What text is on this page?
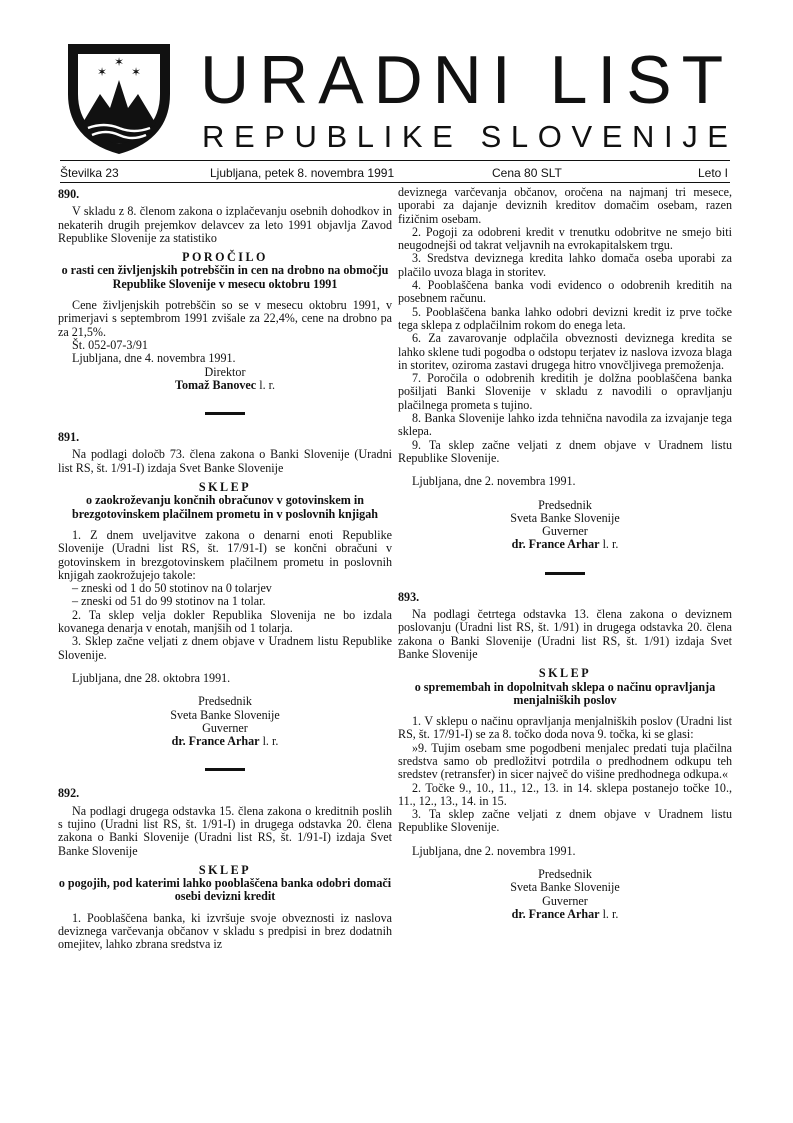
✶ ✶
✶ URADNI LIST
REPUBLIKE SLOVENIJE
Številka 23	Ljubljana, petek 8. novembra 1991	Cena 80 SLT	Leto I

890.

V skladu z 8. členom zakona o izplačevanju osebnih dohodkov in nekaterih drugih prejemkov delavcev za leto 1991 objavlja Zavod Republike Slovenije za statistiko

POROČILO

o rasti cen življenjskih potrebščin in cen na drobno na območju Republike Slovenije v mesecu oktobru 1991

Cene življenjskih potrebščin so se v mesecu oktobru 1991, v primerjavi s septembrom 1991 zvišale za 22,4%, cene na drobno pa za 21,5%.

Št. 052-07-3/91

Ljubljana, dne 4. novembra 1991.

Direktor

Tomaž Banovec l. r.

891.

Na podlagi določb 73. člena zakona o Banki Slovenije (Uradni list RS, št. 1/91-I) izdaja Svet Banke Slovenije

SKLEP

o zaokroževanju končnih obračunov v gotovinskem in brezgotovinskem plačilnem prometu in v poslovnih knjigah

1. Z dnem uveljavitve zakona o denarni enoti Republike Slovenije (Uradni list RS, št. 17/91-I) se končni obračuni v gotovinskem in brezgotovinskem plačilnem prometu in poslovnih knjigah zaokrožujejo takole:

– zneski od 1 do 50 stotinov na 0 tolarjev

– zneski od 51 do 99 stotinov na 1 tolar.

2. Ta sklep velja dokler Republika Slovenija ne bo izdala kovanega denarja v enotah, manjših od 1 tolarja.

3. Sklep začne veljati z dnem objave v Uradnem listu Republike Slovenije.

Ljubljana, dne 28. oktobra 1991.

Predsednik

Sveta Banke Slovenije

Guverner

dr. France Arhar l. r.

892.

Na podlagi drugega odstavka 15. člena zakona o kreditnih poslih s tujino (Uradni list RS, št. 1/91-I) in drugega odstavka 20. člena zakona o Banki Slovenije (Uradni list RS, št. 1/91-I) izdaja Svet Banke Slovenije

SKLEP

o pogojih, pod katerimi lahko pooblaščena banka odobri domači osebi devizni kredit

1. Pooblaščena banka, ki izvršuje svoje obveznosti iz naslova deviznega varčevanja občanov v skladu s predpisi in brez dodatnih omejitev, lahko zbrana sredstva iz

deviznega varčevanja občanov, oročena na najmanj tri mesece, uporabi za dajanje deviznih kreditov domačim osebam, razen fizičnim osebam.

2. Pogoji za odobreni kredit v trenutku odobritve ne smejo biti neugodnejši od takrat veljavnih na evrokapitalskem trgu.

3. Sredstva deviznega kredita lahko domača oseba uporabi za plačilo uvoza blaga in storitev.

4. Pooblaščena banka vodi evidenco o odobrenih kreditih na posebnem računu.

5. Pooblaščena banka lahko odobri devizni kredit iz prve točke tega sklepa z odplačilnim rokom do enega leta.

6. Za zavarovanje odplačila obveznosti deviznega kredita se lahko sklene tudi pogodba o odstopu terjatev iz naslova izvoza blaga in storitev, oziroma zastavi drugega hitro vnovčljivega premoženja.

7. Poročila o odobrenih kreditih je dolžna pooblaščena banka pošiljati Banki Slovenije v skladu z navodili o opravljanju plačilnega prometa s tujino.

8. Banka Slovenije lahko izda tehnična navodila za izvajanje tega sklepa.

9. Ta sklep začne veljati z dnem objave v Uradnem listu Republike Slovenije.

Ljubljana, dne 2. novembra 1991.

Predsednik

Sveta Banke Slovenije

Guverner

dr. France Arhar l. r.

893.

Na podlagi četrtega odstavka 13. člena zakona o deviznem poslovanju (Uradni list RS, št. 1/91) in drugega odstavka 20. člena zakona o Banki Slovenije (Uradni list RS, št. 1/91) izdaja Svet Banke Slovenije

SKLEP

o spremembah in dopolnitvah sklepa o načinu opravljanja menjalniških poslov

1. V sklepu o načinu opravljanja menjalniških poslov (Uradni list RS, št. 17/91-I) se za 8. točko doda nova 9. točka, ki se glasi:

»9. Tujim osebam sme pogodbeni menjalec predati tuja plačilna sredstva samo ob predložitvi potrdila o predhodnem odkupu teh sredstev (retransfer) in sicer največ do višine predhodnega odkupa.«

2. Točke 9., 10., 11., 12., 13. in 14. sklepa postanejo točke 10., 11., 12., 13., 14. in 15.

3. Ta sklep začne veljati z dnem objave v Uradnem listu Republike Slovenije.

Ljubljana, dne 2. novembra 1991.

Predsednik

Sveta Banke Slovenije

Guverner

dr. France Arhar l. r.
